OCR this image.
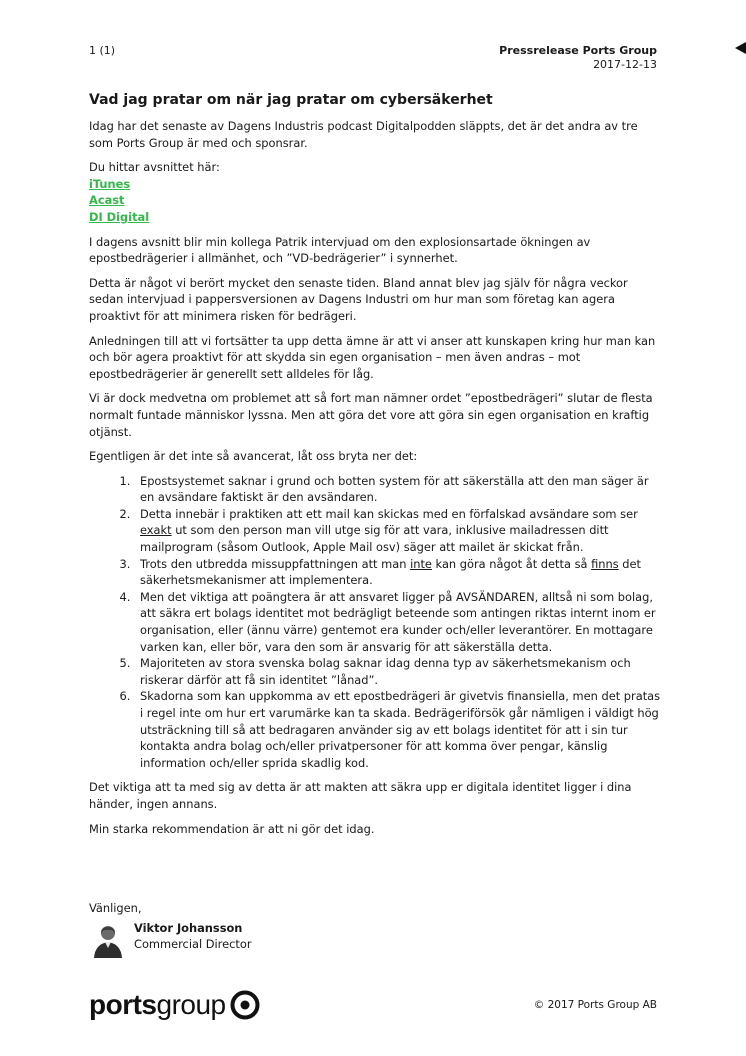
1 (1)	Pressrelease Ports Group
2017-12-13
Vad jag pratar om när jag pratar om cybersäkerhet

Idag har det senaste av Dagens Industris podcast Digitalpodden släppts, det är det andra av tre som Ports Group är med och sponsrar.

Du hittar avsnittet här:
iTunes
Acast
DI Digital

I dagens avsnitt blir min kollega Patrik intervjuad om den explosionsartade ökningen av epostbedrägerier i allmänhet, och ”VD-bedrägerier” i synnerhet.

Detta är något vi berört mycket den senaste tiden. Bland annat blev jag själv för några veckor sedan intervjuad i pappersversionen av Dagens Industri om hur man som företag kan agera proaktivt för att minimera risken för bedrägeri.

Anledningen till att vi fortsätter ta upp detta ämne är att vi anser att kunskapen kring hur man kan och bör agera proaktivt för att skydda sin egen organisation – men även andras – mot epostbedrägerier är generellt sett alldeles för låg.

Vi är dock medvetna om problemet att så fort man nämner ordet ”epostbedrägeri” slutar de flesta normalt funtade människor lyssna. Men att göra det vore att göra sin egen organisation en kraftig otjänst.

Egentligen är det inte så avancerat, låt oss bryta ner det:

1. Epostsystemet saknar i grund och botten system för att säkerställa att den man säger är en avsändare faktiskt är den avsändaren.
2. Detta innebär i praktiken att ett mail kan skickas med en förfalskad avsändare som ser exakt ut som den person man vill utge sig för att vara, inklusive mailadressen ditt mailprogram (såsom Outlook, Apple Mail osv) säger att mailet är skickat från.
3. Trots den utbredda missuppfattningen att man inte kan göra något åt detta så finns det säkerhetsmekanismer att implementera.
4. Men det viktiga att poängtera är att ansvaret ligger på AVSÄNDAREN, alltså ni som bolag, att säkra ert bolags identitet mot bedrägligt beteende som antingen riktas internt inom er organisation, eller (ännu värre) gentemot era kunder och/eller leverantörer. En mottagare varken kan, eller bör, vara den som är ansvarig för att säkerställa detta.
5. Majoriteten av stora svenska bolag saknar idag denna typ av säkerhetsmekanism och riskerar därför att få sin identitet ”lånad”.
6. Skadorna som kan uppkomma av ett epostbedrägeri är givetvis finansiella, men det pratas i regel inte om hur ert varumärke kan ta skada. Bedrägeriförsök går nämligen i väldigt hög utsträckning till så att bedragaren använder sig av ett bolags identitet för att i sin tur kontakta andra bolag och/eller privatpersoner för att komma över pengar, känslig information och/eller sprida skadlig kod.

Det viktiga att ta med sig av detta är att makten att säkra upp er digitala identitet ligger i dina händer, ingen annans.

Min starka rekommendation är att ni gör det idag.

Vänligen,
Viktor Johansson
Commercial Director
portsgroup	© 2017 Ports Group AB
